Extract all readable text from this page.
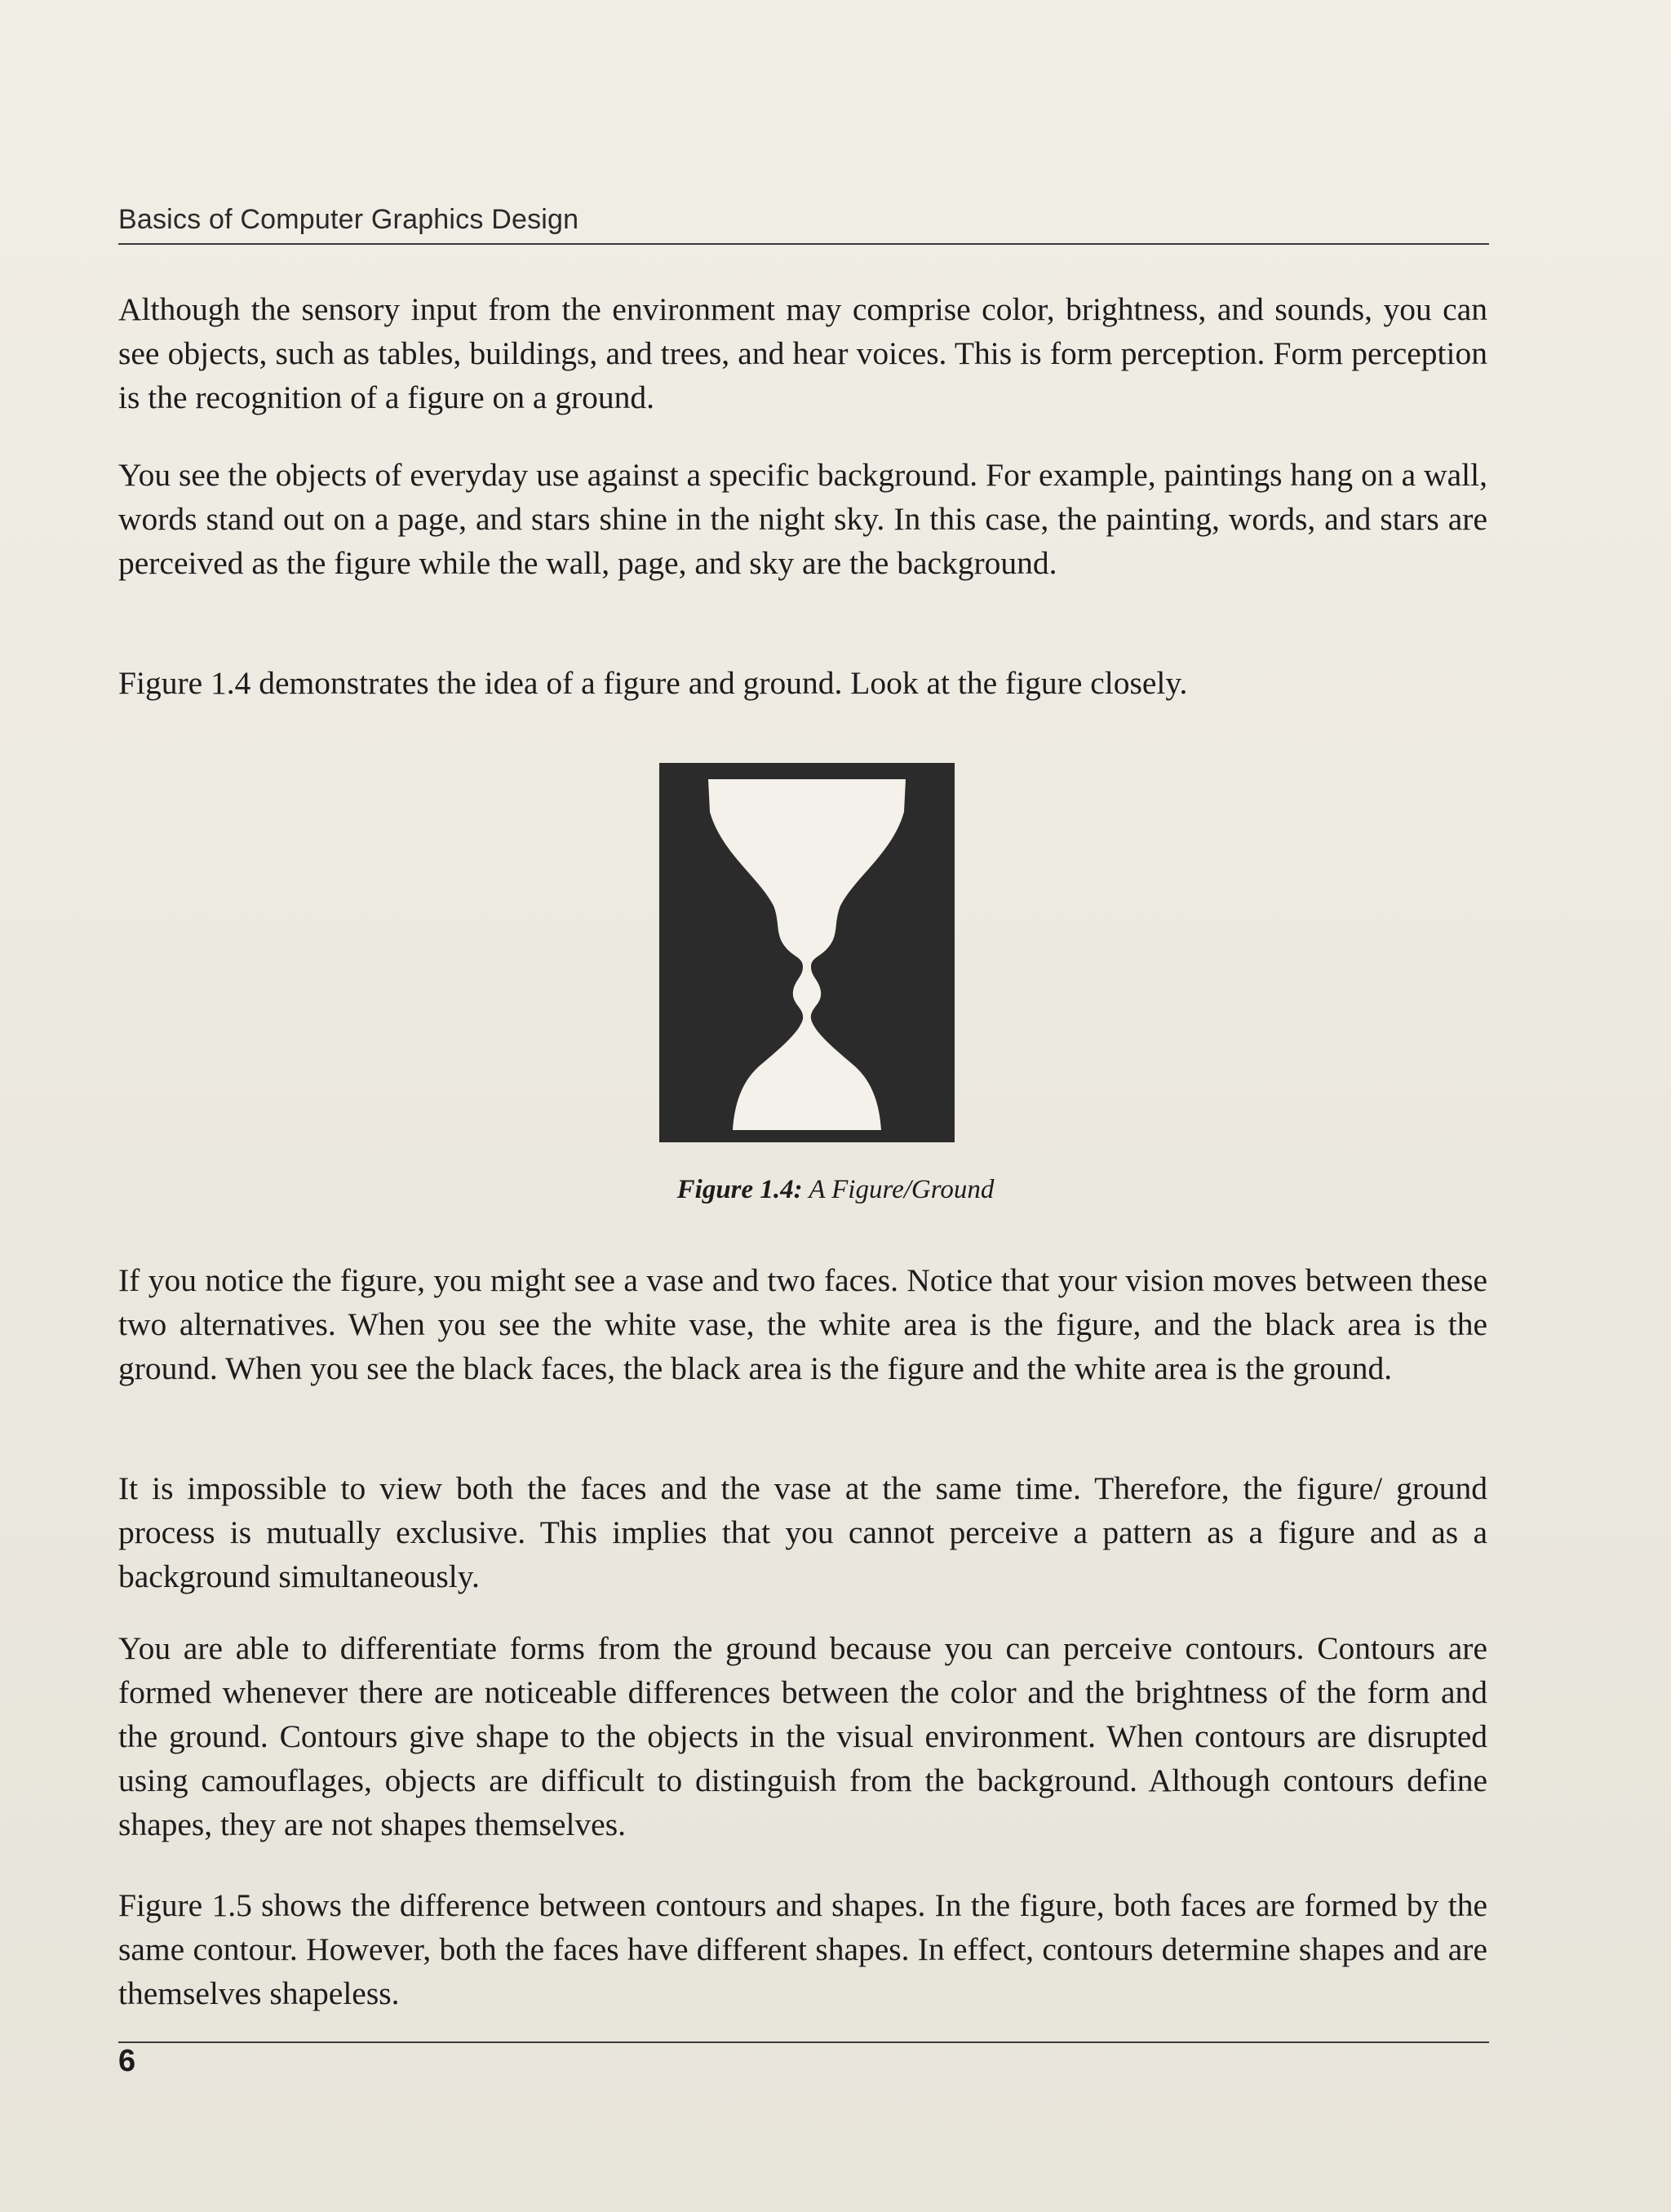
Basics of Computer Graphics Design

Although the sensory input from the environment may comprise color, brightness, and sounds, you can see objects, such as tables, buildings, and trees, and hear voices. This is form perception. Form perception is the recognition of a figure on a ground.

You see the objects of everyday use against a specific background. For example, paintings hang on a wall, words stand out on a page, and stars shine in the night sky. In this case, the painting, words, and stars are perceived as the figure while the wall, page, and sky are the background.

Figure 1.4 demonstrates the idea of a figure and ground. Look at the figure closely.

Figure 1.4: A Figure/Ground

If you notice the figure, you might see a vase and two faces. Notice that your vision moves between these two alternatives. When you see the white vase, the white area is the figure, and the black area is the ground. When you see the black faces, the black area is the figure and the white area is the ground.

It is impossible to view both the faces and the vase at the same time. Therefore, the figure/ ground process is mutually exclusive. This implies that you cannot perceive a pattern as a figure and as a background simultaneously.

You are able to differentiate forms from the ground because you can perceive contours. Contours are formed whenever there are noticeable differences between the color and the brightness of the form and the ground. Contours give shape to the objects in the visual environment. When contours are disrupted using camouflages, objects are difficult to distinguish from the background. Although contours define shapes, they are not shapes themselves.

Figure 1.5 shows the difference between contours and shapes. In the figure, both faces are formed by the same contour. However, both the faces have different shapes. In effect, contours determine shapes and are themselves shapeless.

6
